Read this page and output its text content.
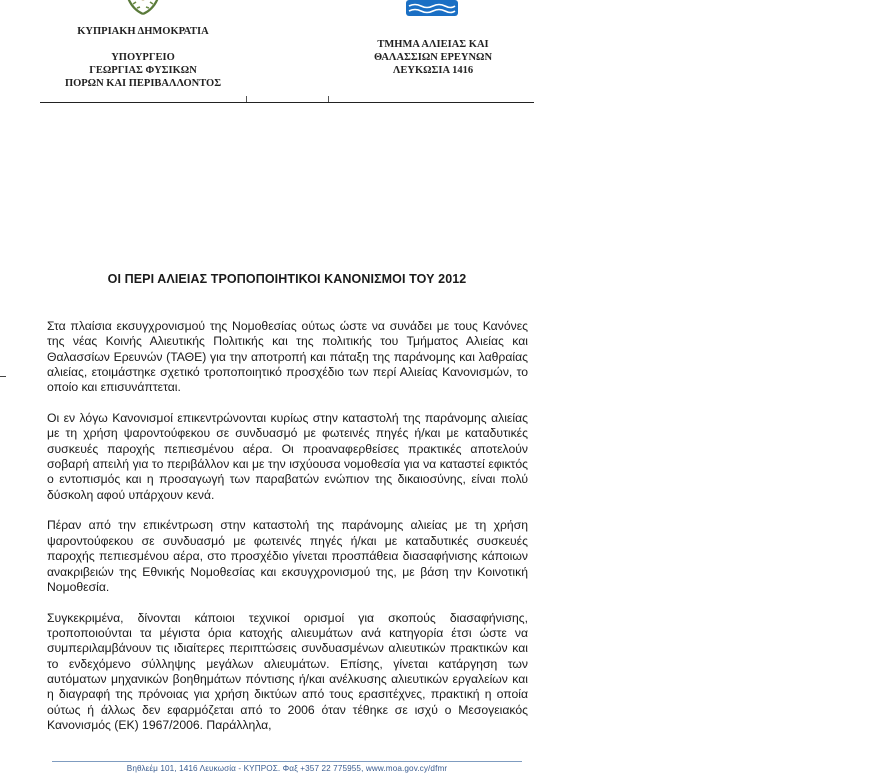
ΚΥΠΡΙΑΚΗ ΔΗΜΟΚΡΑΤΙΑ
ΥΠΟΥΡΓΕΙΟ
ΓΕΩΡΓΙΑΣ ΦΥΣΙΚΩΝ
ΠΟΡΩΝ ΚΑΙ ΠΕΡΙΒΑΛΛΟΝΤΟΣ
ΤΜΗΜΑ ΑΛΙΕΙΑΣ ΚΑΙ
ΘΑΛΑΣΣΙΩΝ ΕΡΕΥΝΩΝ
ΛΕΥΚΩΣΙΑ 1416
ΟΙ ΠΕΡΙ ΑΛΙΕΙΑΣ ΤΡΟΠΟΠΟΙΗΤΙΚΟΙ ΚΑΝΟΝΙΣΜΟΙ ΤΟΥ 2012

Στα πλαίσια εκσυγχρονισμού της Νομοθεσίας ούτως ώστε να συνάδει με τους Κανόνες της νέας Κοινής Αλιευτικής Πολιτικής και της πολιτικής του Τμήματος Αλιείας και Θαλασσίων Ερευνών (ΤΑΘΕ) για την αποτροπή και πάταξη της παράνομης και λαθραίας αλιείας, ετοιμάστηκε σχετικό τροποποιητικό προσχέδιο των περί Αλιείας Κανονισμών, το οποίο και επισυνάπτεται.

Οι εν λόγω Κανονισμοί επικεντρώνονται κυρίως στην καταστολή της παράνομης αλιείας με τη χρήση ψαροντούφεκου σε συνδυασμό με φωτεινές πηγές ή/και με καταδυτικές συσκευές παροχής πεπιεσμένου αέρα. Οι προαναφερθείσες πρακτικές αποτελούν σοβαρή απειλή για το περιβάλλον και με την ισχύουσα νομοθεσία για να καταστεί εφικτός ο εντοπισμός και η προσαγωγή των παραβατών ενώπιον της δικαιοσύνης, είναι πολύ δύσκολη αφού υπάρχουν κενά.

Πέραν από την επικέντρωση στην καταστολή της παράνομης αλιείας με τη χρήση ψαροντούφεκου σε συνδυασμό με φωτεινές πηγές ή/και με καταδυτικές συσκευές παροχής πεπιεσμένου αέρα, στο προσχέδιο γίνεται προσπάθεια διασαφήνισης κάποιων ανακριβειών της Εθνικής Νομοθεσίας και εκσυγχρονισμού της, με βάση την Κοινοτική Νομοθεσία.

Συγκεκριμένα, δίνονται κάποιοι τεχνικοί ορισμοί για σκοπούς διασαφήνισης, τροποποιούνται τα μέγιστα όρια κατοχής αλιευμάτων ανά κατηγορία έτσι ώστε να συμπεριλαμβάνουν τις ιδιαίτερες περιπτώσεις συνδυασμένων αλιευτικών πρακτικών και το ενδεχόμενο σύλληψης μεγάλων αλιευμάτων. Επίσης, γίνεται κατάργηση των αυτόματων μηχανικών βοηθημάτων πόντισης ή/και ανέλκυσης αλιευτικών εργαλείων και η διαγραφή της πρόνοιας για χρήση δικτύων από τους ερασιτέχνες, πρακτική η οποία ούτως ή άλλως δεν εφαρμόζεται από το 2006 όταν τέθηκε σε ισχύ ο Μεσογειακός Κανονισμός (ΕΚ) 1967/2006. Παράλληλα,

Βηθλεέμ 101, 1416 Λευκωσία - ΚΥΠΡΟΣ. Φαξ +357 22 775955, www.moa.gov.cy/dfmr
